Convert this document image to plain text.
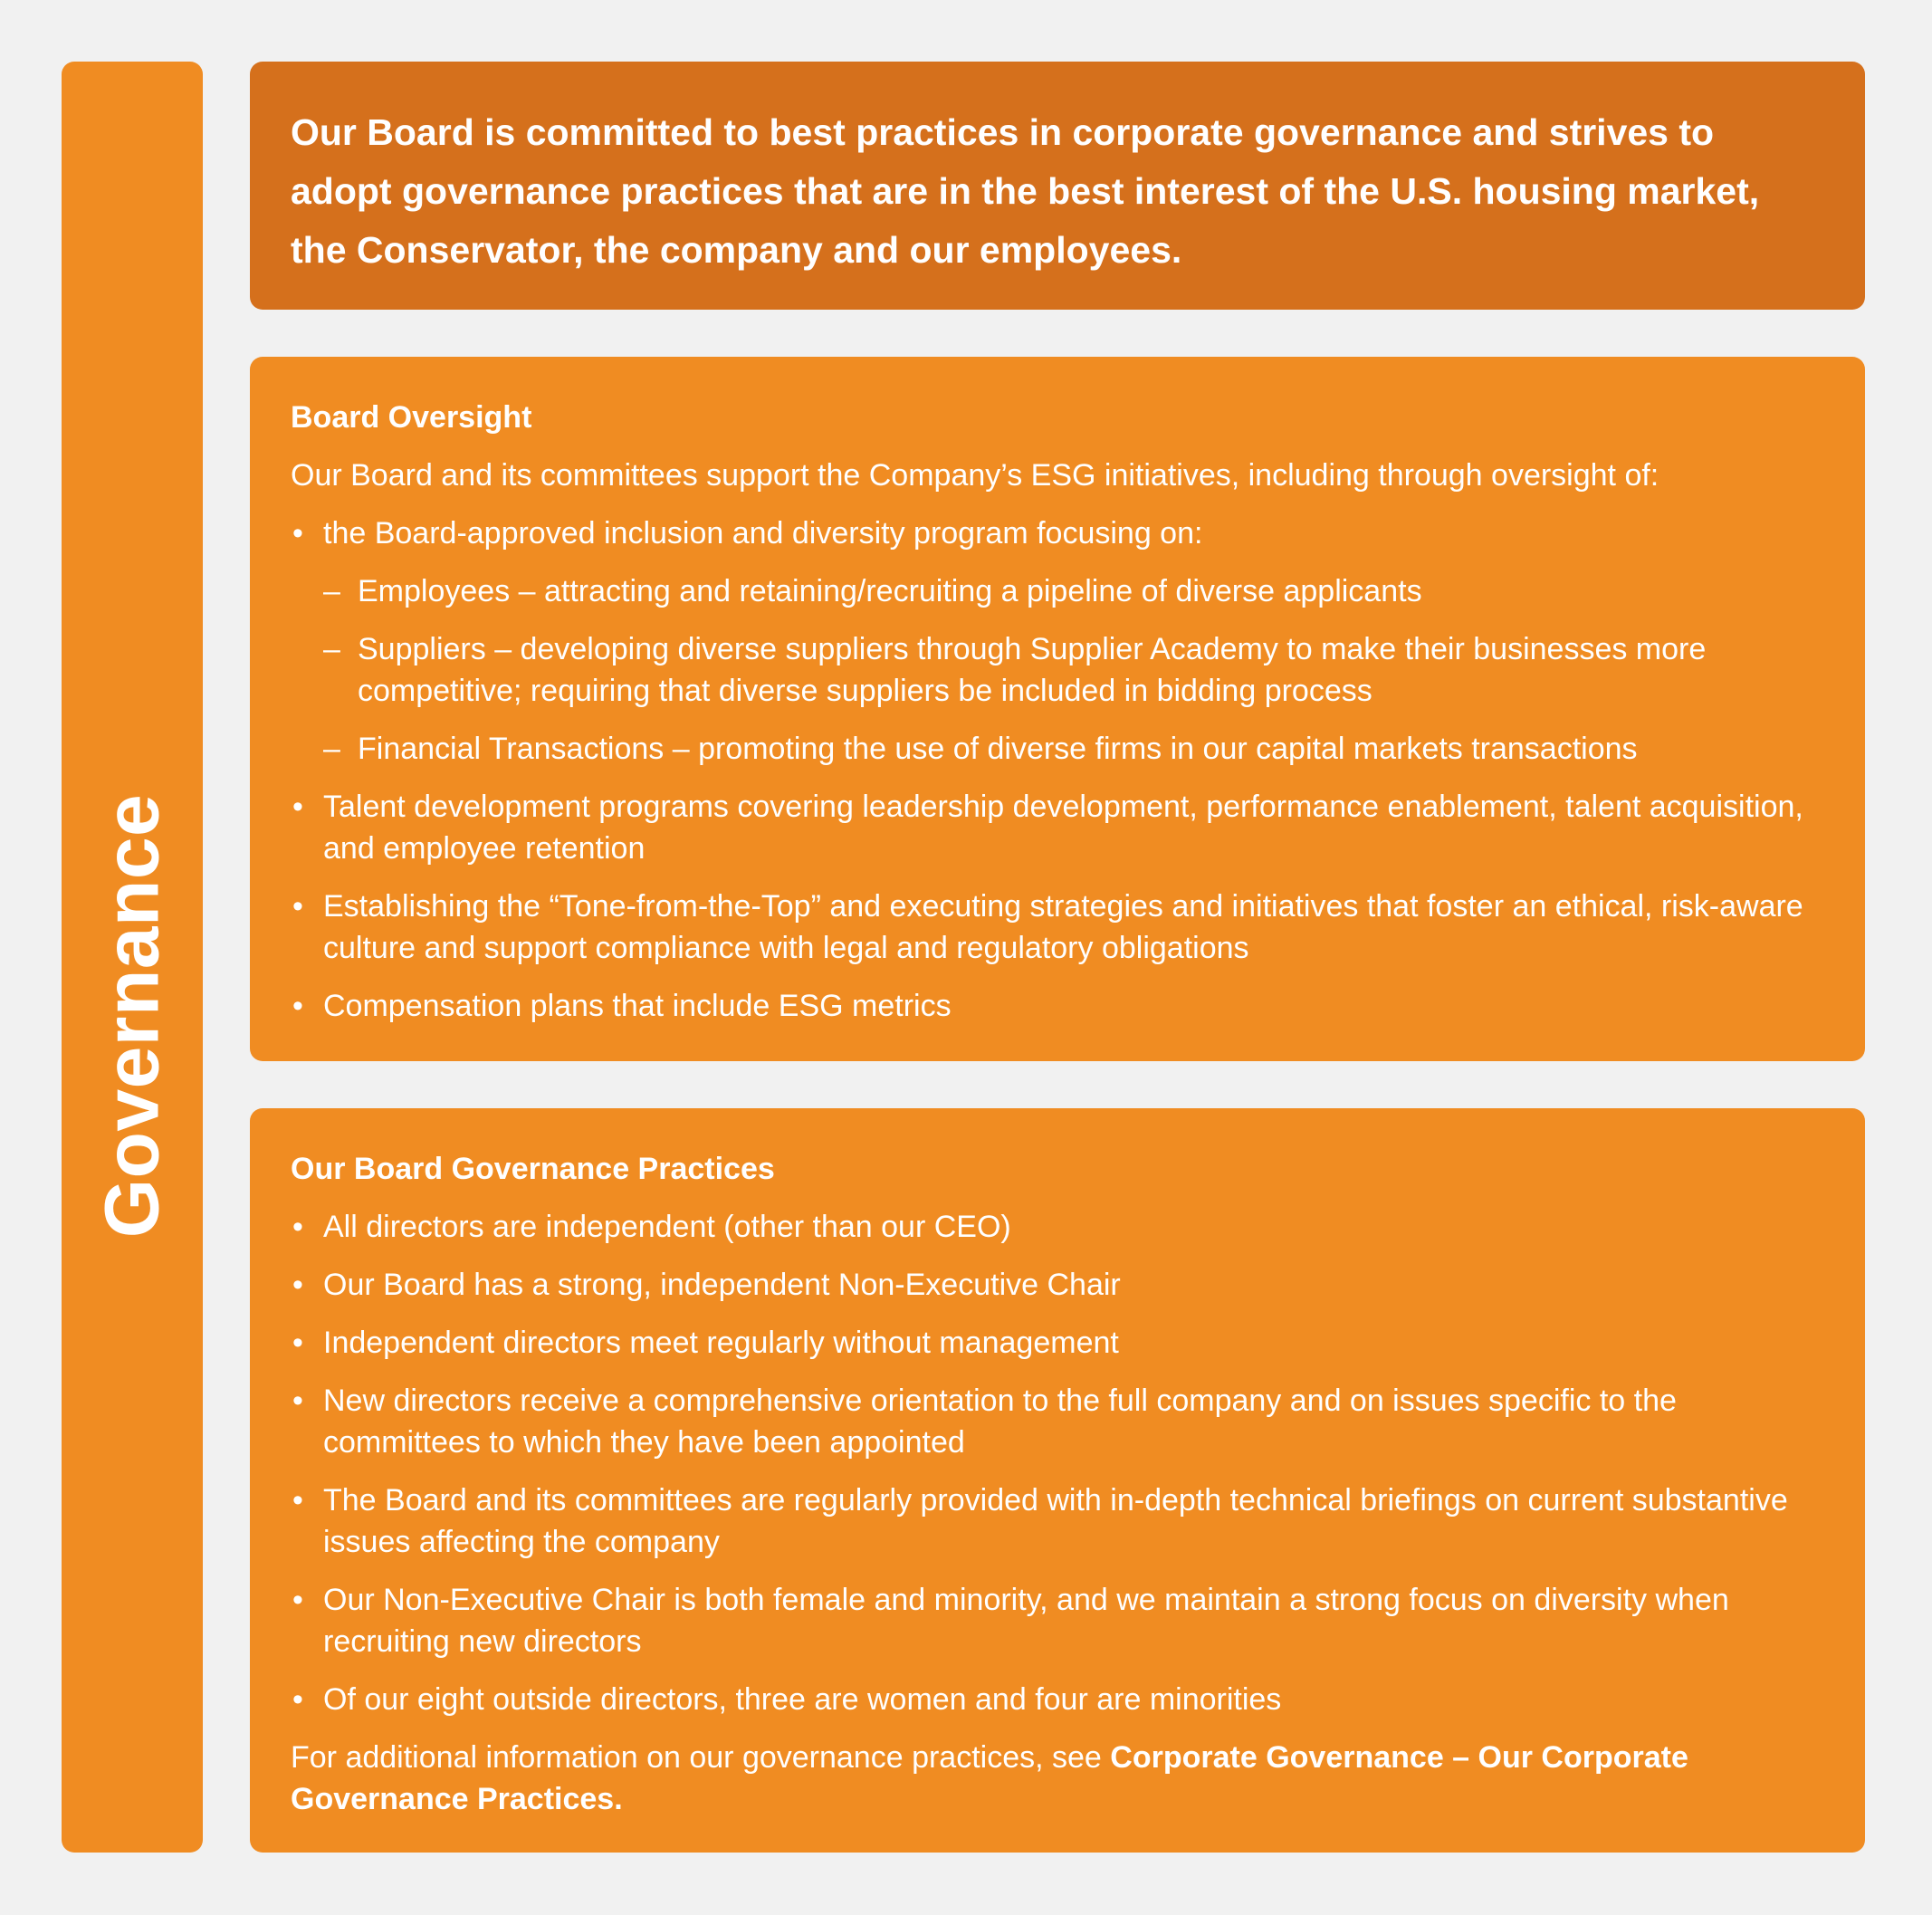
Governance

Our Board is committed to best practices in corporate governance and strives to adopt governance practices that are in the best interest of the U.S. housing market, the Conservator, the company and our employees.

Board Oversight

Our Board and its committees support the Company’s ESG initiatives, including through oversight of:

• the Board-approved inclusion and diversity program focusing on:
– Employees – attracting and retaining/recruiting a pipeline of diverse applicants
– Suppliers – developing diverse suppliers through Supplier Academy to make their businesses more competitive; requiring that diverse suppliers be included in bidding process
– Financial Transactions – promoting the use of diverse firms in our capital markets transactions
• Talent development programs covering leadership development, performance enablement, talent acquisition, and employee retention
• Establishing the “Tone-from-the-Top” and executing strategies and initiatives that foster an ethical, risk-aware culture and support compliance with legal and regulatory obligations
• Compensation plans that include ESG metrics
Our Board Governance Practices
• All directors are independent (other than our CEO)
• Our Board has a strong, independent Non-Executive Chair
• Independent directors meet regularly without management
• New directors receive a comprehensive orientation to the full company and on issues specific to the committees to which they have been appointed
• The Board and its committees are regularly provided with in-depth technical briefings on current substantive issues affecting the company
• Our Non-Executive Chair is both female and minority, and we maintain a strong focus on diversity when recruiting new directors
• Of our eight outside directors, three are women and four are minorities

For additional information on our governance practices, see Corporate Governance – Our Corporate Governance Practices.
